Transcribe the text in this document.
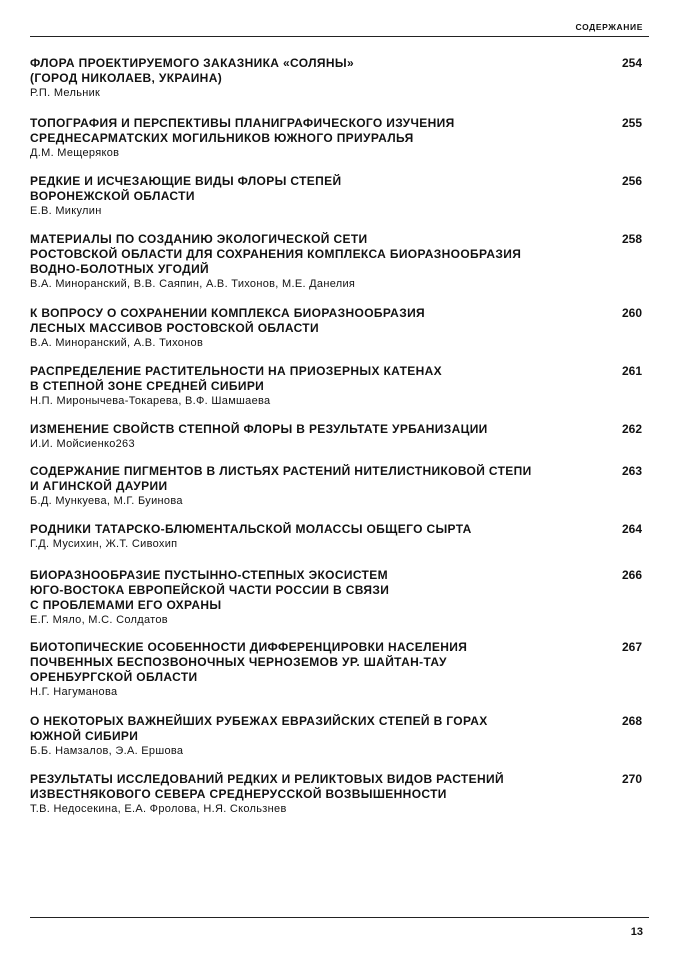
СОДЕРЖАНИЕ
ФЛОРА ПРОЕКТИРУЕМОГО ЗАКАЗНИКА «СОЛЯНЫ»
(ГОРОД НИКОЛАЕВ, УКРАИНА)
Р.П. Мельник
254
ТОПОГРАФИЯ И ПЕРСПЕКТИВЫ ПЛАНИГРАФИЧЕСКОГО ИЗУЧЕНИЯ
СРЕДНЕСАРМАТСКИХ МОГИЛЬНИКОВ ЮЖНОГО ПРИУРАЛЬЯ
Д.М. Мещеряков
255
РЕДКИЕ И ИСЧЕЗАЮЩИЕ ВИДЫ ФЛОРЫ СТЕПЕЙ
ВОРОНЕЖСКОЙ ОБЛАСТИ
Е.В. Микулин
256
МАТЕРИАЛЫ ПО СОЗДАНИЮ ЭКОЛОГИЧЕСКОЙ СЕТИ
РОСТОВСКОЙ ОБЛАСТИ ДЛЯ СОХРАНЕНИЯ КОМПЛЕКСА БИОРАЗНООБРАЗИЯ
ВОДНО-БОЛОТНЫХ УГОДИЙ
В.А. Миноранский, В.В. Саяпин, А.В. Тихонов, М.Е. Данелия
258
К ВОПРОСУ О СОХРАНЕНИИ КОМПЛЕКСА БИОРАЗНООБРАЗИЯ
ЛЕСНЫХ МАССИВОВ РОСТОВСКОЙ ОБЛАСТИ
В.А. Миноранский, А.В. Тихонов
260
РАСПРЕДЕЛЕНИЕ РАСТИТЕЛЬНОСТИ НА ПРИОЗЕРНЫХ КАТЕНАХ
В СТЕПНОЙ ЗОНЕ СРЕДНЕЙ СИБИРИ
Н.П. Миронычева-Токарева, В.Ф. Шамшаева
261
ИЗМЕНЕНИЕ СВОЙСТВ СТЕПНОЙ ФЛОРЫ В РЕЗУЛЬТАТЕ УРБАНИЗАЦИИ
И.И. Мойсиенко263
262
СОДЕРЖАНИЕ ПИГМЕНТОВ В ЛИСТЬЯХ РАСТЕНИЙ НИТЕЛИСТНИКОВОЙ СТЕПИ
И АГИНСКОЙ ДАУРИИ
Б.Д. Мункуева, М.Г. Буинова
263
РОДНИКИ ТАТАРСКО-БЛЮМЕНТАЛЬСКОЙ МОЛАССЫ ОБЩЕГО СЫРТА
Г.Д. Мусихин, Ж.Т. Сивохип
264
БИОРАЗНООБРАЗИЕ ПУСТЫННО-СТЕПНЫХ ЭКОСИСТЕМ
ЮГО-ВОСТОКА ЕВРОПЕЙСКОЙ ЧАСТИ РОССИИ В СВЯЗИ
С ПРОБЛЕМАМИ ЕГО ОХРАНЫ
Е.Г. Мяло, М.С. Солдатов
266
БИОТОПИЧЕСКИЕ ОСОБЕННОСТИ ДИФФЕРЕНЦИРОВКИ НАСЕЛЕНИЯ
ПОЧВЕННЫХ БЕСПОЗВОНОЧНЫХ ЧЕРНОЗЕМОВ УР. ШАЙТАН-ТАУ
ОРЕНБУРГСКОЙ ОБЛАСТИ
Н.Г. Нагуманова
267
О НЕКОТОРЫХ ВАЖНЕЙШИХ РУБЕЖАХ ЕВРАЗИЙСКИХ СТЕПЕЙ В ГОРАХ
ЮЖНОЙ СИБИРИ
Б.Б. Намзалов, Э.А. Ершова
268
РЕЗУЛЬТАТЫ ИССЛЕДОВАНИЙ РЕДКИХ И РЕЛИКТОВЫХ ВИДОВ РАСТЕНИЙ
ИЗВЕСТНЯКОВОГО СЕВЕРА СРЕДНЕРУССКОЙ ВОЗВЫШЕННОСТИ
Т.В. Недосекина, Е.А. Фролова, Н.Я. Скользнев
270
13
